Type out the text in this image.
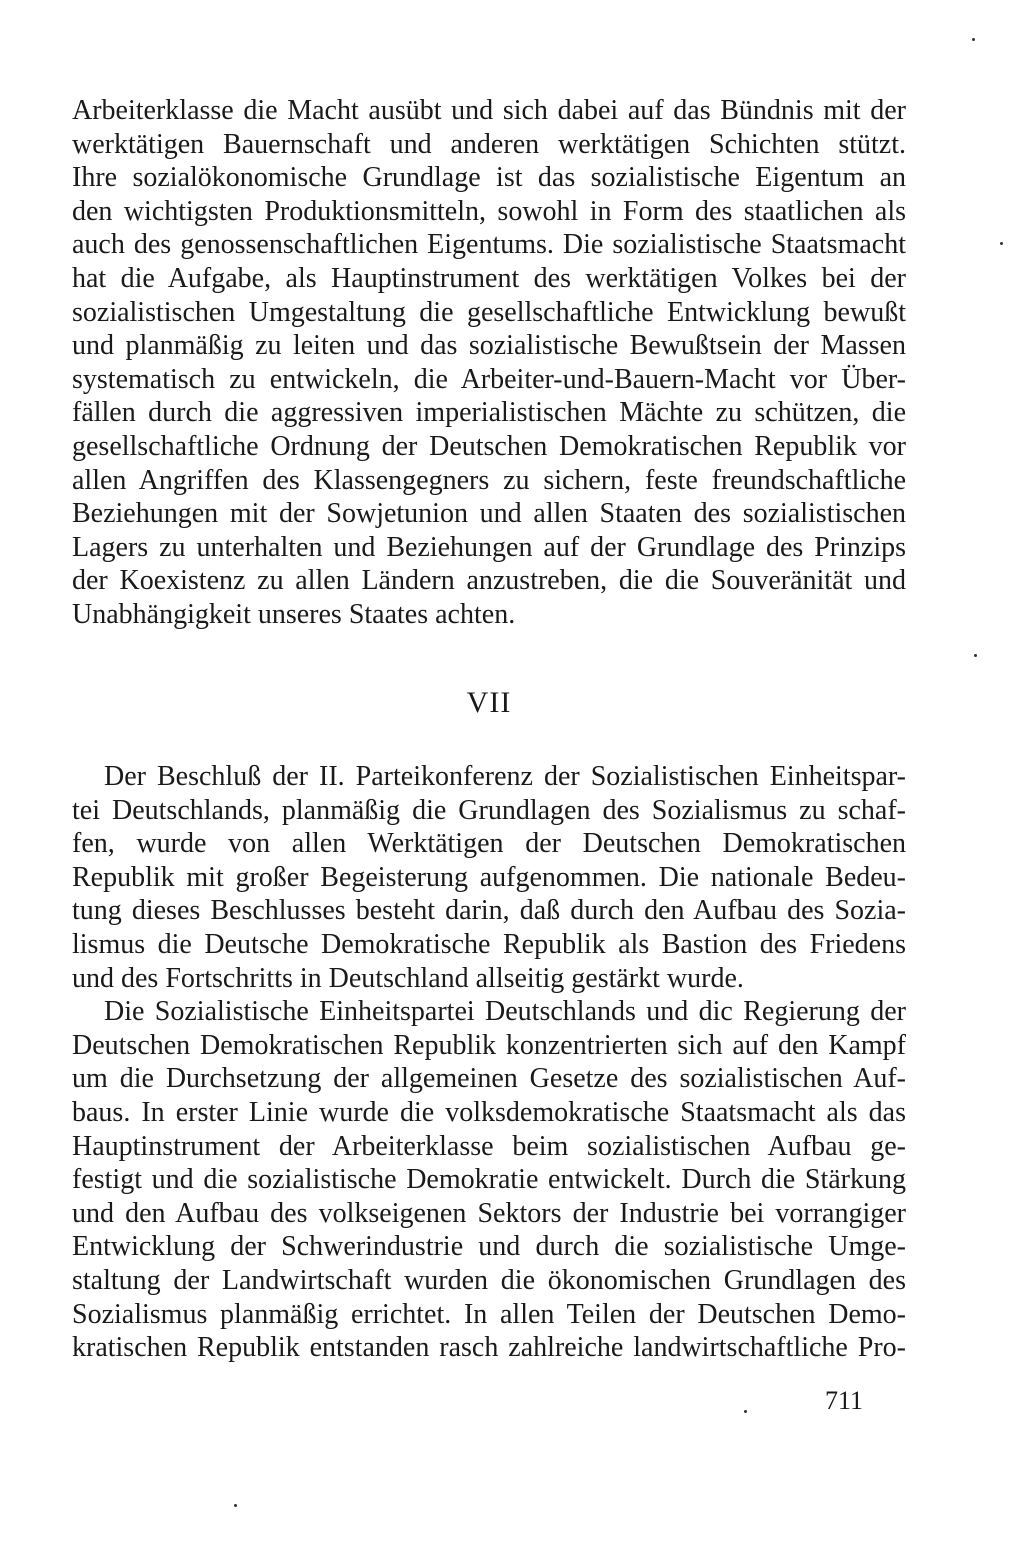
Arbeiterklasse die Macht ausübt und sich dabei auf das Bündnis mit der
werktätigen Bauernschaft und anderen werktätigen Schichten stützt.
Ihre sozialökonomische Grundlage ist das sozialistische Eigentum an
den wichtigsten Produktionsmitteln, sowohl in Form des staatlichen als
auch des genossenschaftlichen Eigentums. Die sozialistische Staatsmacht
hat die Aufgabe, als Hauptinstrument des werktätigen Volkes bei der
sozialistischen Umgestaltung die gesellschaftliche Entwicklung bewußt
und planmäßig zu leiten und das sozialistische Bewußtsein der Massen
systematisch zu entwickeln, die Arbeiter-und-Bauern-Macht vor Über-
fällen durch die aggressiven imperialistischen Mächte zu schützen, die
gesellschaftliche Ordnung der Deutschen Demokratischen Republik vor
allen Angriffen des Klassengegners zu sichern, feste freundschaftliche
Beziehungen mit der Sowjetunion und allen Staaten des sozialistischen
Lagers zu unterhalten und Beziehungen auf der Grundlage des Prinzips
der Koexistenz zu allen Ländern anzustreben, die die Souveränität und
Unabhängigkeit unseres Staates achten.
VII
Der Beschluß der II. Parteikonferenz der Sozialistischen Einheitspar-
tei Deutschlands, planmäßig die Grundlagen des Sozialismus zu schaf-
fen, wurde von allen Werktätigen der Deutschen Demokratischen
Republik mit großer Begeisterung aufgenommen. Die nationale Bedeu-
tung dieses Beschlusses besteht darin, daß durch den Aufbau des Sozia-
lismus die Deutsche Demokratische Republik als Bastion des Friedens
und des Fortschritts in Deutschland allseitig gestärkt wurde.
Die Sozialistische Einheitspartei Deutschlands und dic Regierung der
Deutschen Demokratischen Republik konzentrierten sich auf den Kampf
um die Durchsetzung der allgemeinen Gesetze des sozialistischen Auf-
baus. In erster Linie wurde die volksdemokratische Staatsmacht als das
Hauptinstrument der Arbeiterklasse beim sozialistischen Aufbau ge-
festigt und die sozialistische Demokratie entwickelt. Durch die Stärkung
und den Aufbau des volkseigenen Sektors der Industrie bei vorrangiger
Entwicklung der Schwerindustrie und durch die sozialistische Umge-
staltung der Landwirtschaft wurden die ökonomischen Grundlagen des
Sozialismus planmäßig errichtet. In allen Teilen der Deutschen Demo-
kratischen Republik entstanden rasch zahlreiche landwirtschaftliche Pro-
711
